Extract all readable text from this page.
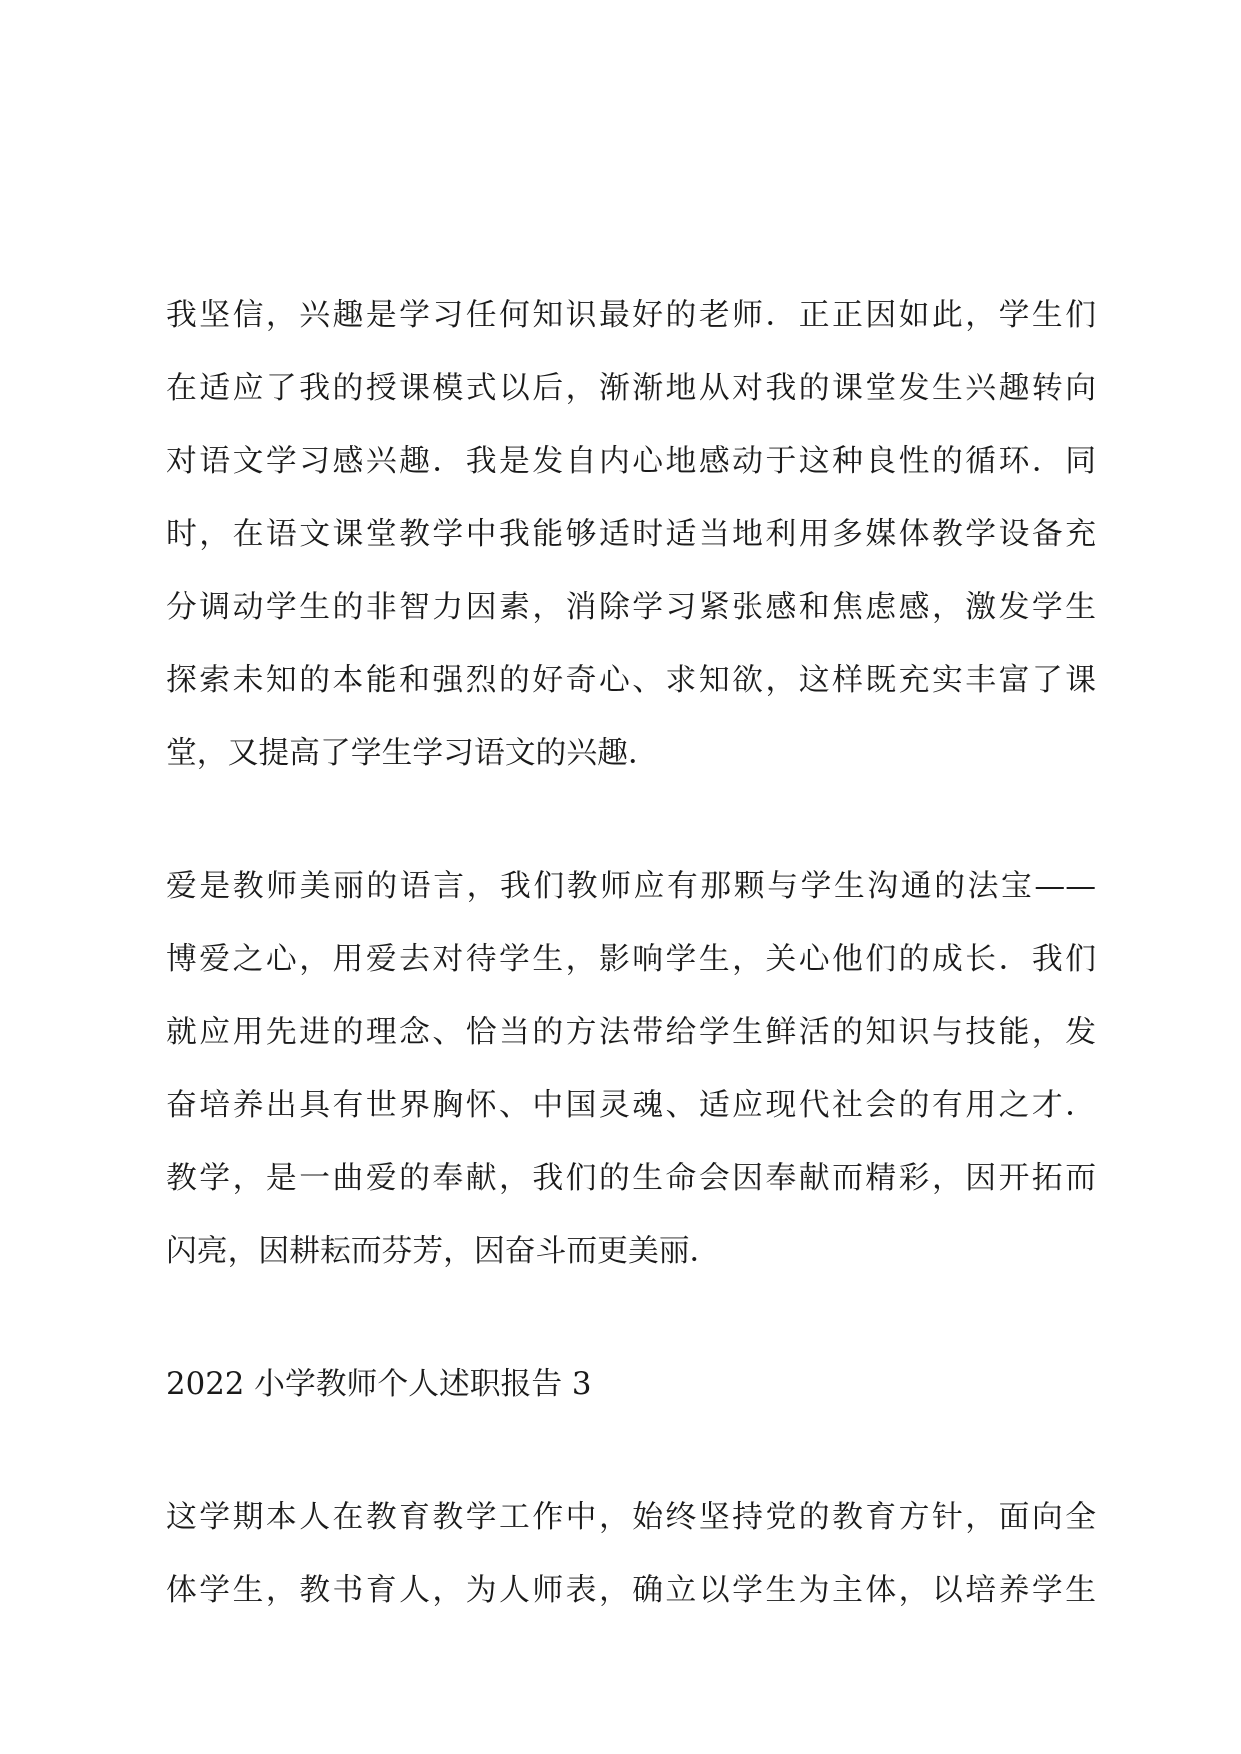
我坚信，兴趣是学习任何知识最好的老师．正正因如此，学生们
在适应了我的授课模式以后，渐渐地从对我的课堂发生兴趣转向
对语文学习感兴趣．我是发自内心地感动于这种良性的循环．同
时，在语文课堂教学中我能够适时适当地利用多媒体教学设备充
分调动学生的非智力因素，消除学习紧张感和焦虑感，激发学生
探索未知的本能和强烈的好奇心、求知欲，这样既充实丰富了课
堂，又提高了学生学习语文的兴趣．
爱是教师美丽的语言，我们教师应有那颗与学生沟通的法宝——
博爱之心，用爱去对待学生，影响学生，关心他们的成长．我们
就应用先进的理念、恰当的方法带给学生鲜活的知识与技能，发
奋培养出具有世界胸怀、中国灵魂、适应现代社会的有用之才．
教学，是一曲爱的奉献，我们的生命会因奉献而精彩，因开拓而
闪亮，因耕耘而芬芳，因奋斗而更美丽．
2022 小学教师个人述职报告 3
这学期本人在教育教学工作中，始终坚持党的教育方针，面向全
体学生，教书育人，为人师表，确立以学生为主体，以培养学生
